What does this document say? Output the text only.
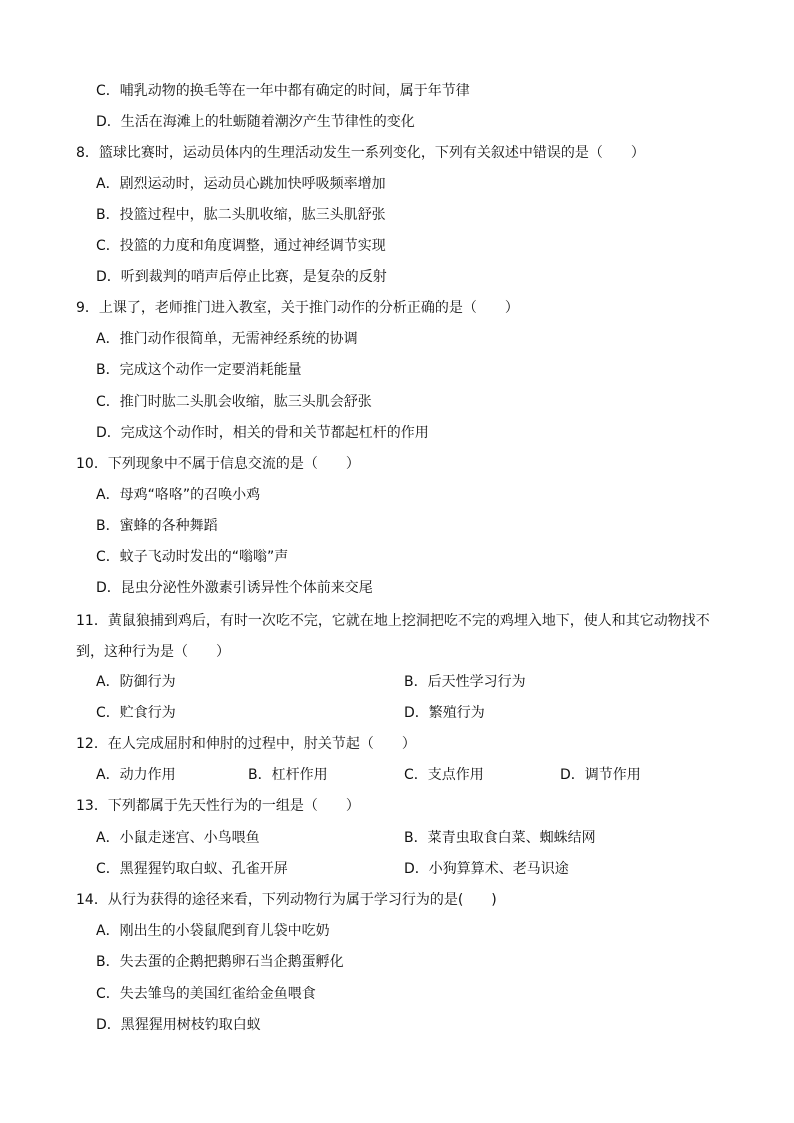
C．哺乳动物的换毛等在一年中都有确定的时间，属于年节律
D．生活在海滩上的牡蛎随着潮汐产生节律性的变化
8．篮球比赛时，运动员体内的生理活动发生一系列变化，下列有关叙述中错误的是（　　）
A．剧烈运动时，运动员心跳加快呼吸频率增加
B．投篮过程中，肱二头肌收缩，肱三头肌舒张
C．投篮的力度和角度调整，通过神经调节实现
D．听到裁判的哨声后停止比赛，是复杂的反射
9．上课了，老师推门进入教室，关于推门动作的分析正确的是（　　）
A．推门动作很简单，无需神经系统的协调
B．完成这个动作一定要消耗能量
C．推门时肱二头肌会收缩，肱三头肌会舒张
D．完成这个动作时，相关的骨和关节都起杠杆的作用
10．下列现象中不属于信息交流的是（　　）
A．母鸡“咯咯”的召唤小鸡
B．蜜蜂的各种舞蹈
C．蚊子飞动时发出的“嗡嗡”声
D．昆虫分泌性外激素引诱异性个体前来交尾
11．黄鼠狼捕到鸡后，有时一次吃不完，它就在地上挖洞把吃不完的鸡埋入地下，使人和其它动物找不到，这种行为是（　　）
A．防御行为	B．后天性学习行为
C．贮食行为	D．繁殖行为
12．在人完成屈肘和伸肘的过程中，肘关节起（　　）
A．动力作用	B．杠杆作用	C．支点作用	D．调节作用
13．下列都属于先天性行为的一组是（　　）
A．小鼠走迷宫、小鸟喂鱼	B．菜青虫取食白菜、蜘蛛结网
C．黑猩猩钓取白蚁、孔雀开屏	D．小狗算算术、老马识途
14．从行为获得的途径来看，下列动物行为属于学习行为的是(　　)
A．刚出生的小袋鼠爬到育儿袋中吃奶
B．失去蛋的企鹅把鹅卵石当企鹅蛋孵化
C．失去雏鸟的美国红雀给金鱼喂食
D．黑猩猩用树枝钓取白蚁
